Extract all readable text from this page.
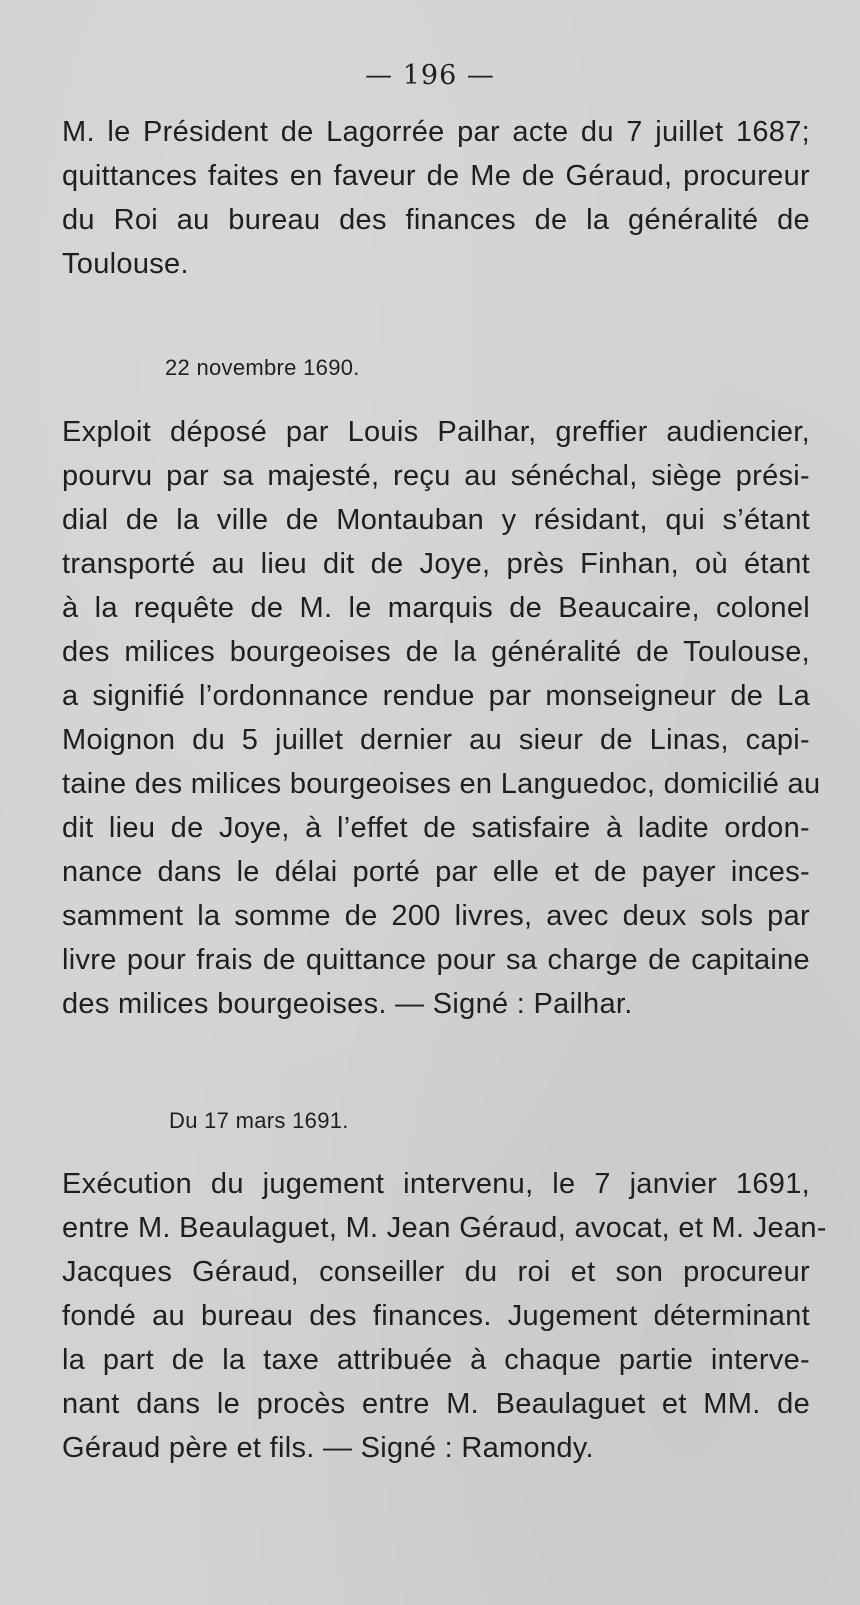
— 196 —
M. le Président de Lagorrée par acte du 7 juillet 1687;
quittances faites en faveur de Me de Géraud, procureur
du Roi au bureau des finances de la généralité de
Toulouse.
22 novembre 1690.
Exploit déposé par Louis Pailhar, greffier audiencier,
pourvu par sa majesté, reçu au sénéchal, siège prési-
dial de la ville de Montauban y résidant, qui s’étant
transporté au lieu dit de Joye, près Finhan, où étant
à la requête de M. le marquis de Beaucaire, colonel
des milices bourgeoises de la généralité de Toulouse,
a signifié l’ordonnance rendue par monseigneur de La
Moignon du 5 juillet dernier au sieur de Linas, capi-
taine des milices bourgeoises en Languedoc, domicilié au
dit lieu de Joye, à l’effet de satisfaire à ladite ordon-
nance dans le délai porté par elle et de payer inces-
samment la somme de 200 livres, avec deux sols par
livre pour frais de quittance pour sa charge de capitaine
des milices bourgeoises. — Signé : Pailhar.
Du 17 mars 1691.
Exécution du jugement intervenu, le 7 janvier 1691,
entre M. Beaulaguet, M. Jean Géraud, avocat, et M. Jean-
Jacques Géraud, conseiller du roi et son procureur
fondé au bureau des finances. Jugement déterminant
la part de la taxe attribuée à chaque partie interve-
nant dans le procès entre M. Beaulaguet et MM. de
Géraud père et fils. — Signé : Ramondy.
